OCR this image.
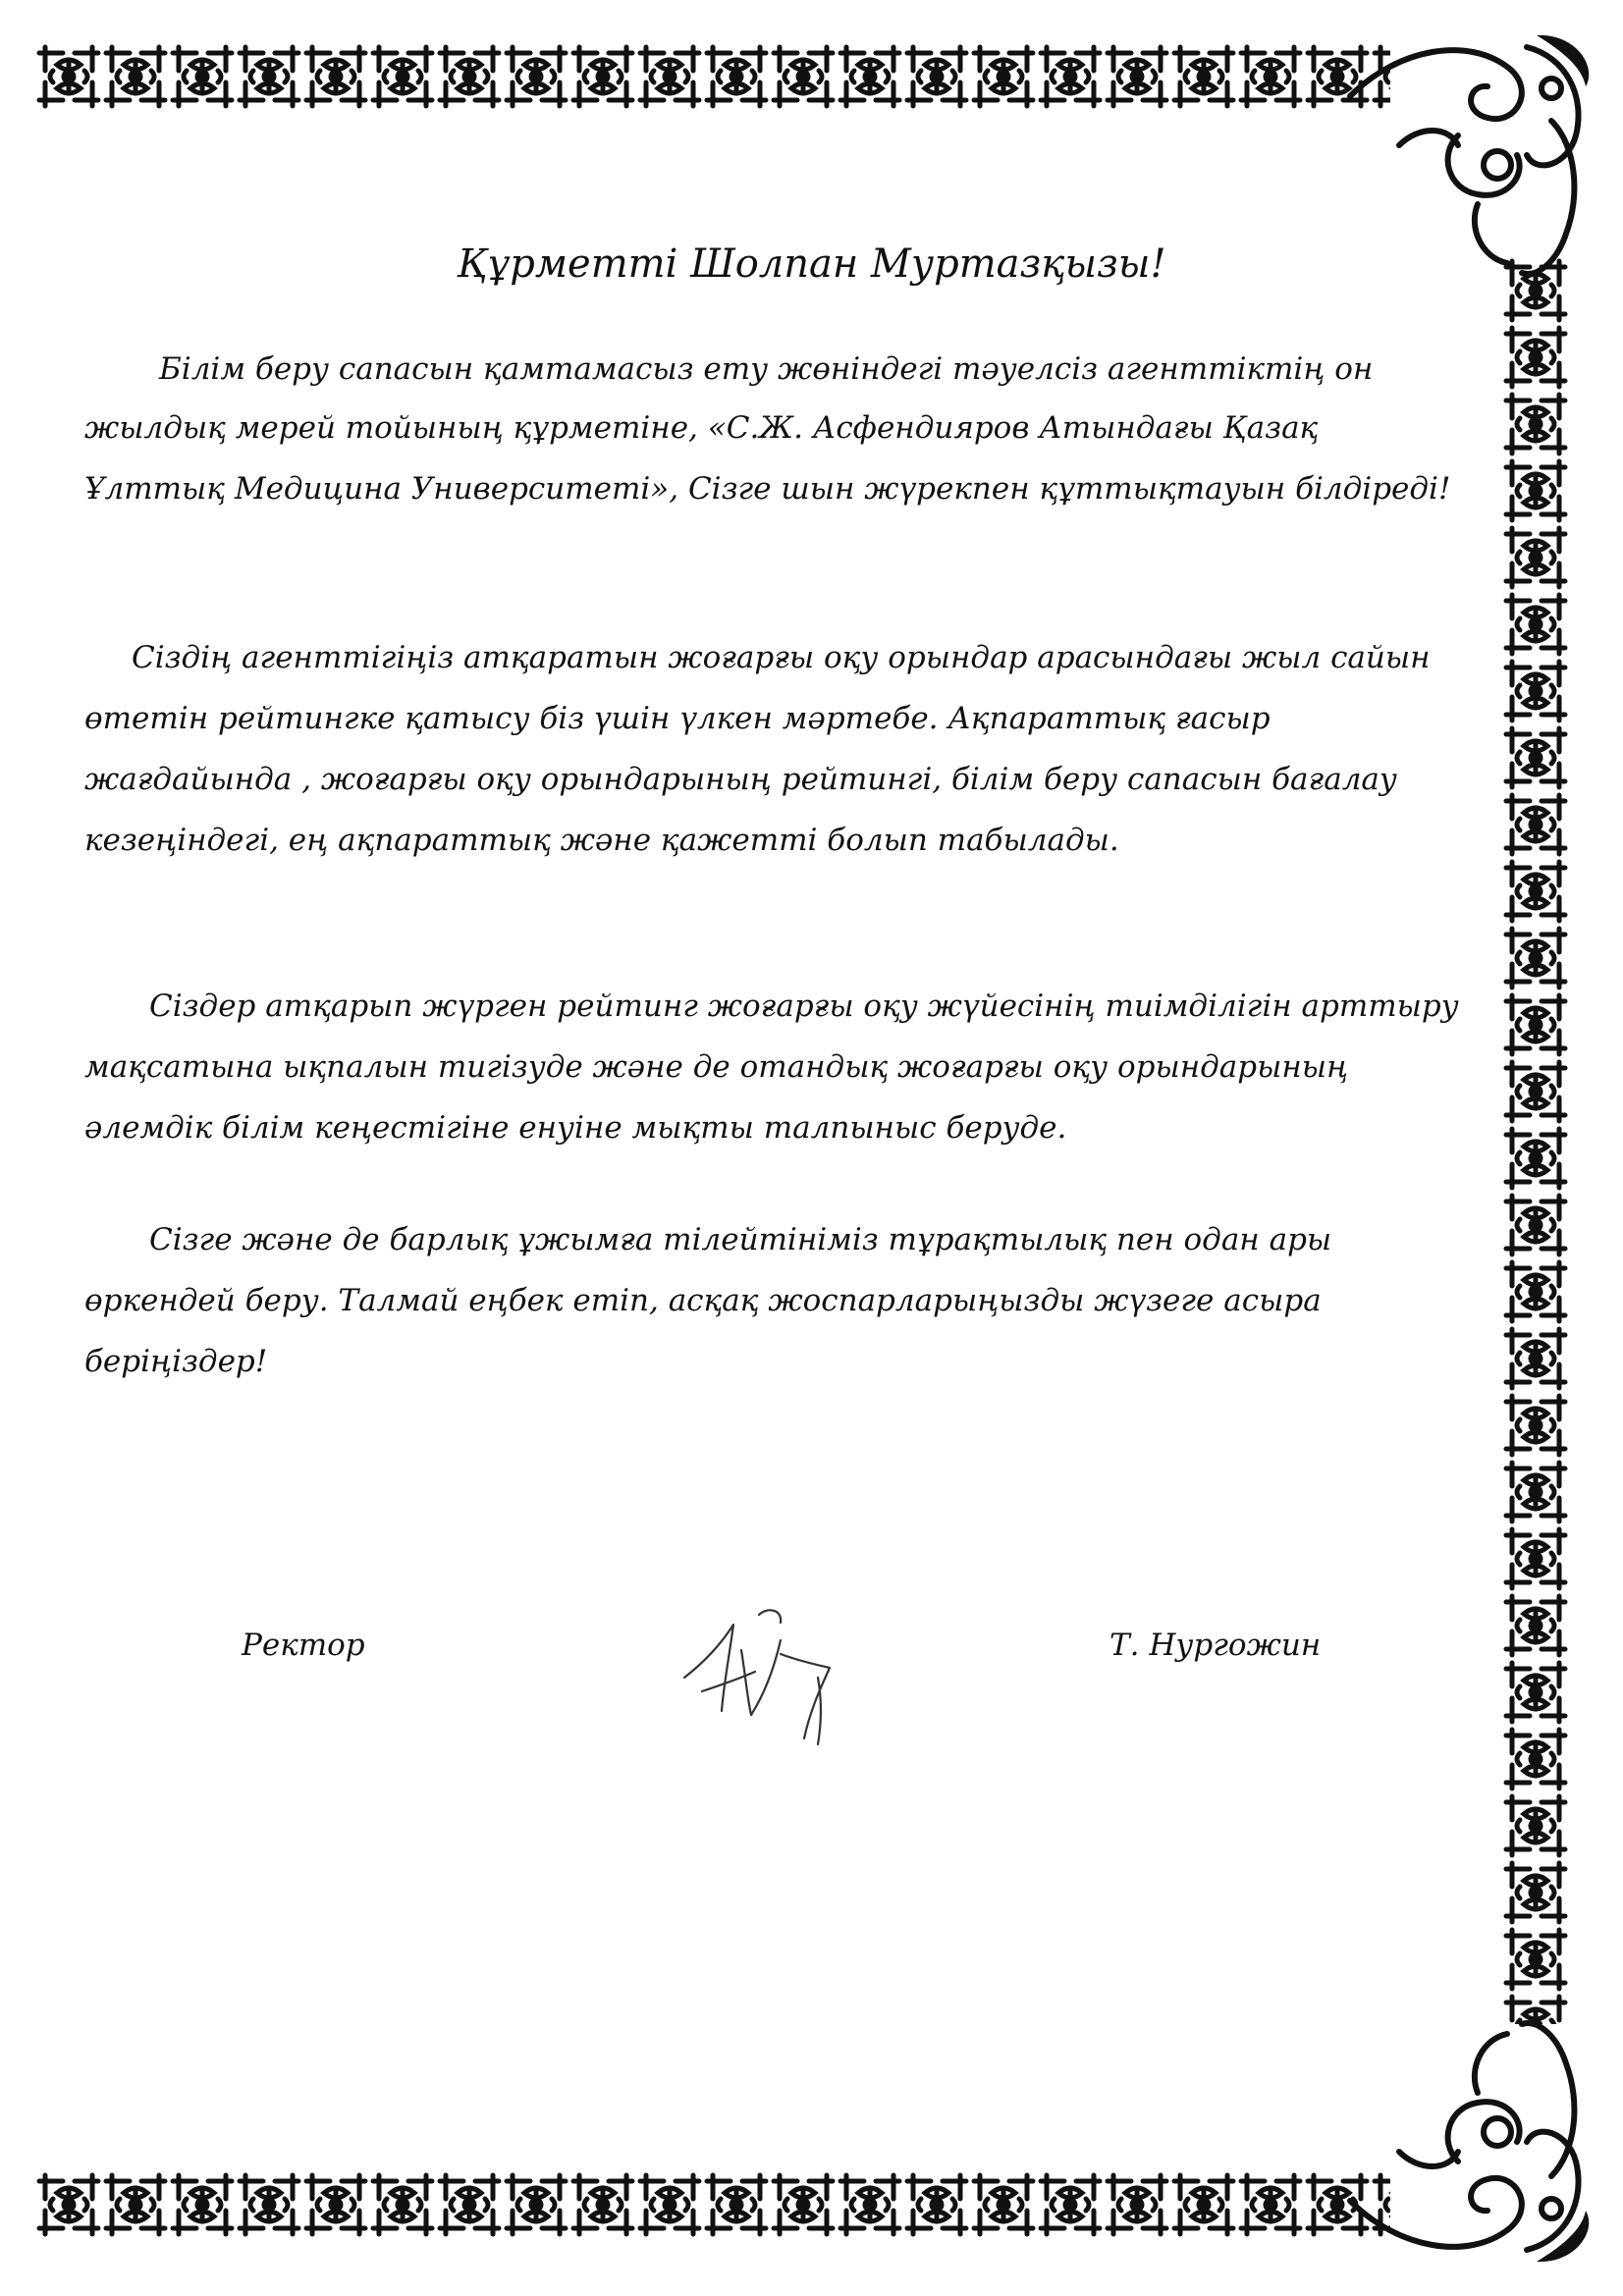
Құрметті Шолпан Муртазқызы!
Білім беру сапасын қамтамасыз ету жөніндегі тәуелсіз агенттіктің он
жылдық мерей тойының құрметіне, «С.Ж. Асфендияров Атындағы Қазақ
Ұлттық Медицина Университеті», Сізге шын жүрекпен құттықтауын білдіреді!
Сіздің агенттігіңіз атқаратын жоғарғы оқу орындар арасындағы жыл сайын
өтетін рейтингке қатысу біз үшін үлкен мәртебе. Ақпараттық ғасыр
жағдайында , жоғарғы оқу орындарының рейтингі, білім беру сапасын бағалау
кезеңіндегі, ең ақпараттық және қажетті болып табылады.
Сіздер атқарып жүрген рейтинг жоғарғы оқу жүйесінің тиімділігін арттыру
мақсатына ықпалын тигізуде және де отандық жоғарғы оқу орындарының
әлемдік білім кеңестігіне енуіне мықты талпыныс беруде.
Сізге және де барлық ұжымға тілейтініміз тұрақтылық пен одан ары
өркендей беру. Талмай еңбек етіп, асқақ жоспарларыңызды жүзеге асыра
беріңіздер!
Ректор	Т. Нургожин
